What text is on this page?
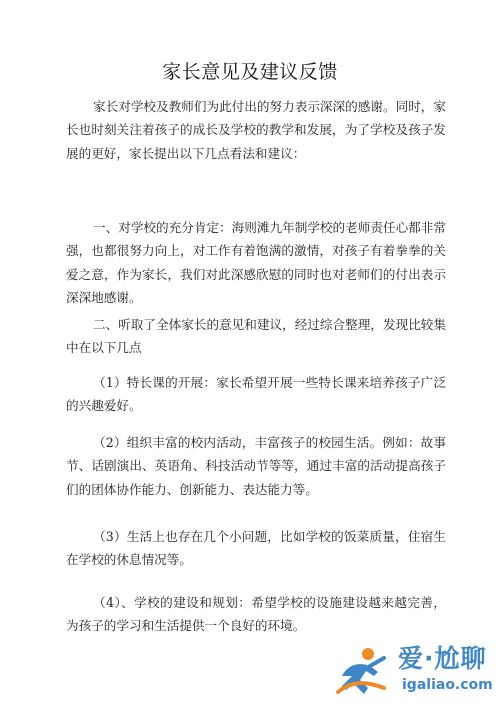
家长意见及建议反馈

家长对学校及教师们为此付出的努力表示深深的感谢。同时，家长也时刻关注着孩子的成长及学校的教学和发展，为了学校及孩子发展的更好，家长提出以下几点看法和建议：

一、对学校的充分肯定：海则滩九年制学校的老师责任心都非常强，也都很努力向上，对工作有着饱满的激情，对孩子有着拳拳的关爱之意，作为家长，我们对此深感欣慰的同时也对老师们的付出表示深深地感谢。

二、听取了全体家长的意见和建议，经过综合整理，发现比较集中在以下几点

（1）特长课的开展：家长希望开展一些特长课来培养孩子广泛的兴趣爱好。

（2）组织丰富的校内活动，丰富孩子的校园生活。例如：故事节、话剧演出、英语角、科技活动节等等，通过丰富的活动提高孩子们的团体协作能力、创新能力、表达能力等。

（3）生活上也存在几个小问题，比如学校的饭菜质量，住宿生在学校的休息情况等。

（4）、学校的建设和规划：希望学校的设施建设越来越完善，为孩子的学习和生活提供一个良好的环境。

爱·尬聊
igaliao.com
